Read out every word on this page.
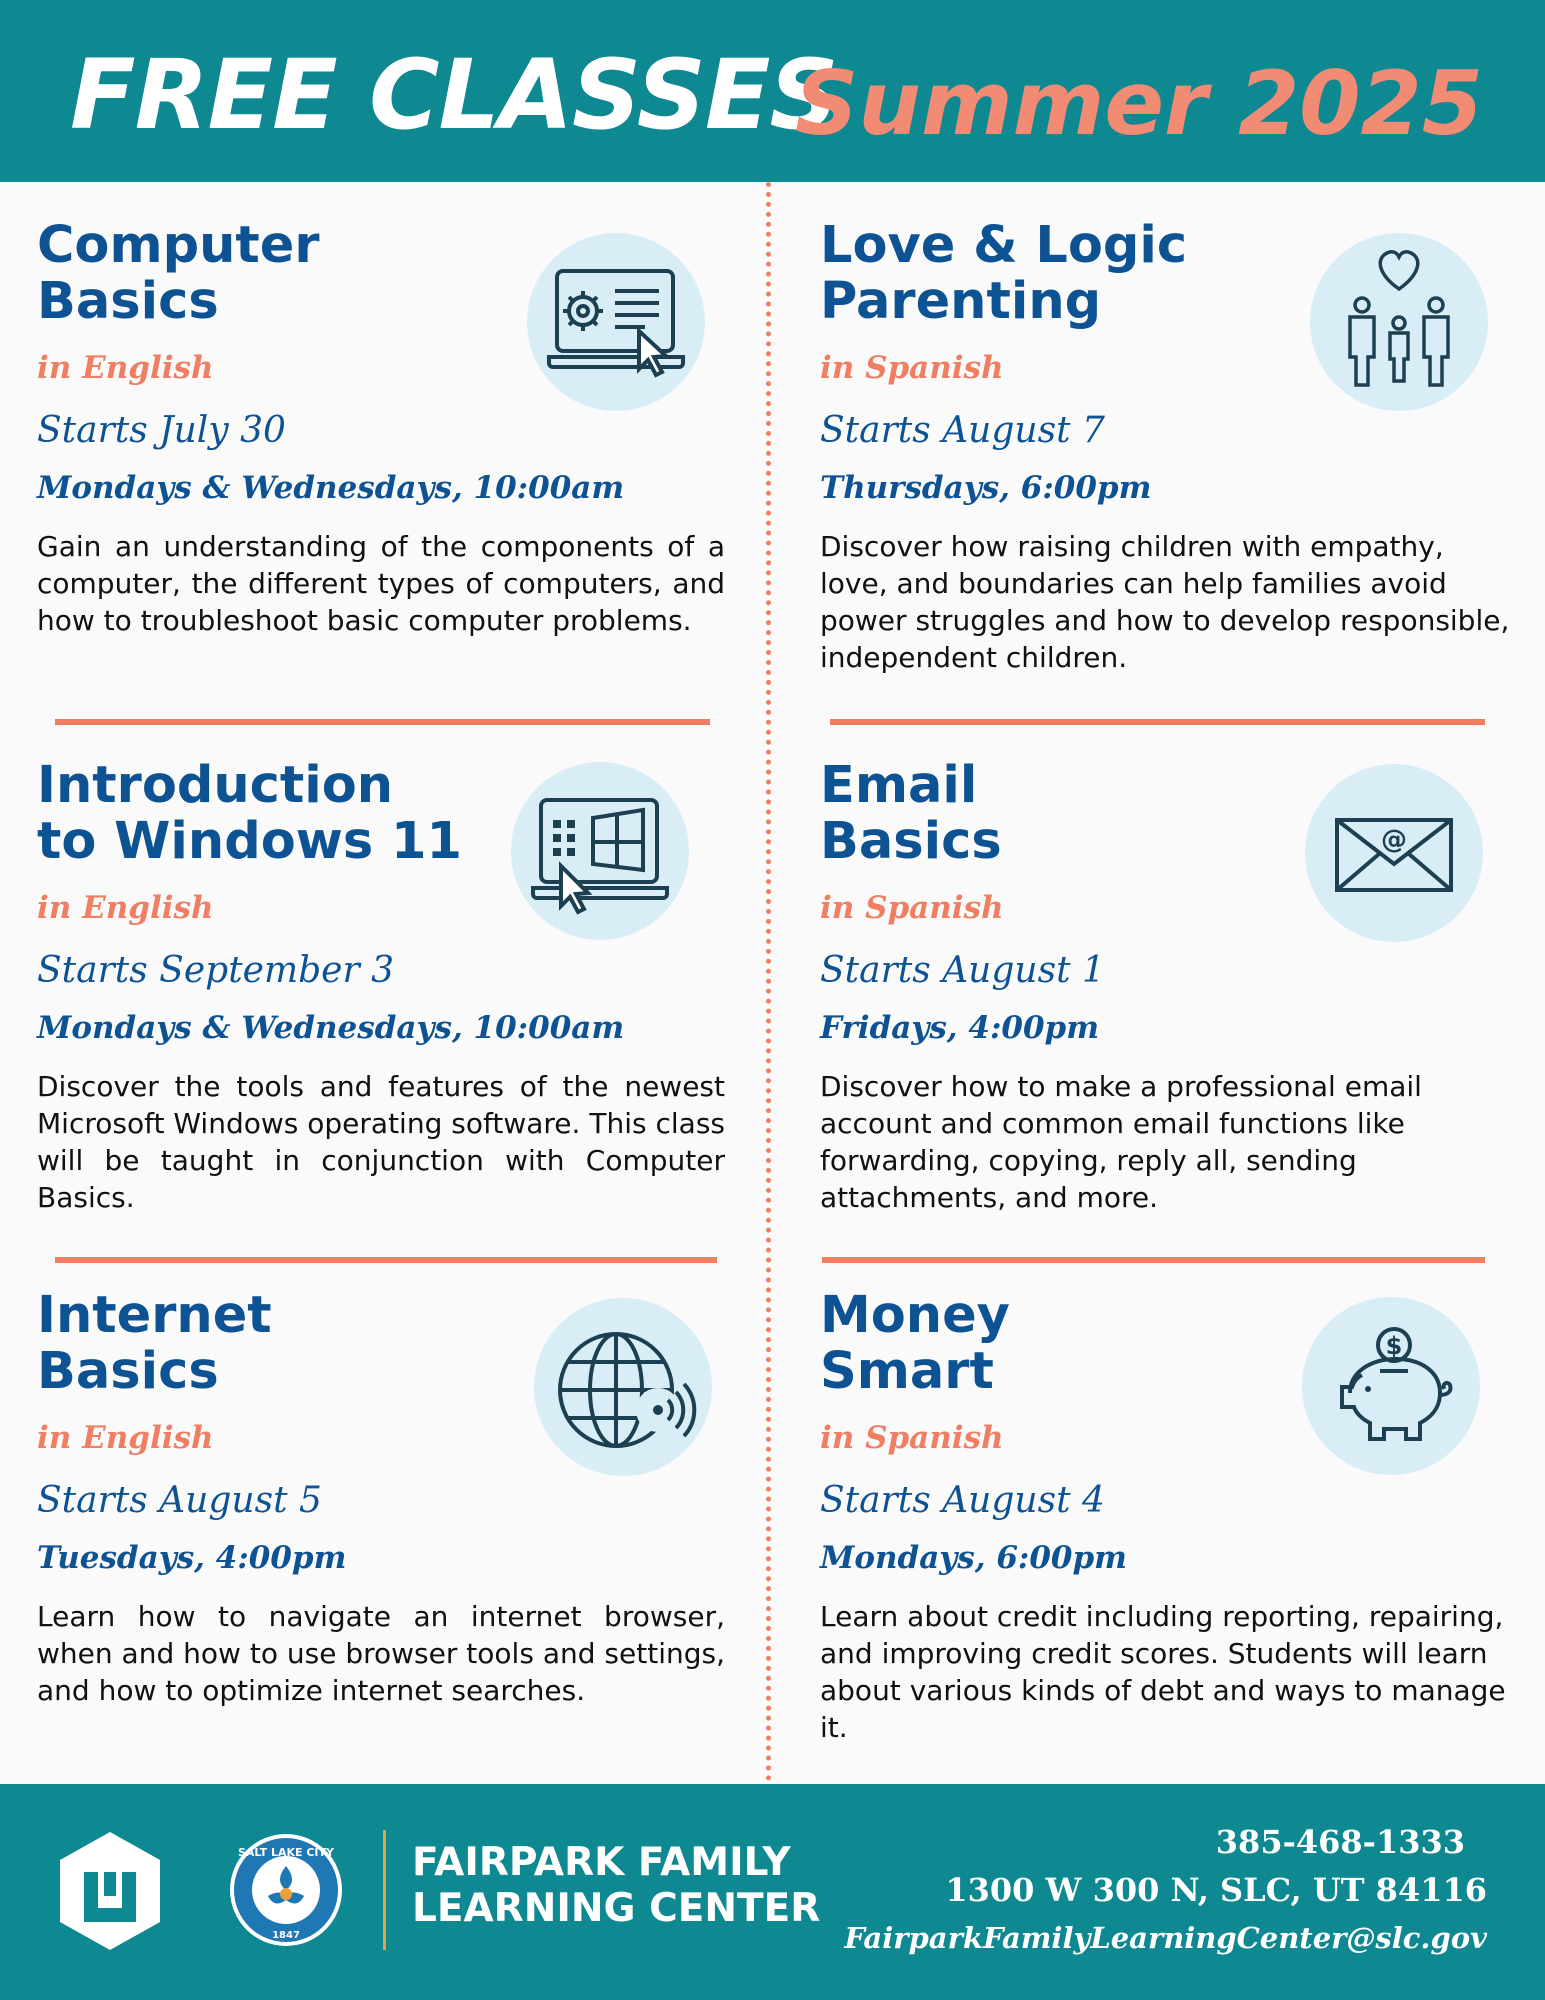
FREE CLASSES
Summer 2025
Computer
Basics
in English
Starts July 30
Mondays & Wednesdays, 10:00am
Gain an understanding of the components of a computer, the different types of computers, and how to troubleshoot basic computer problems.
Love & Logic
Parenting
in Spanish
Starts August 7
Thursdays, 6:00pm
Discover how raising children with empathy, love, and boundaries can help families avoid power struggles and how to develop responsible, independent children.
Introduction
to Windows 11
in English
Starts September 3
Mondays & Wednesdays, 10:00am
Discover the tools and features of the newest Microsoft Windows operating software. This class will be taught in conjunction with Computer Basics.
Email
Basics
in Spanish
Starts August 1
Fridays, 4:00pm
Discover how to make a professional email account and common email functions like forwarding, copying, reply all, sending attachments, and more.
@
Internet
Basics
in English
Starts August 5
Tuesdays, 4:00pm
Learn how to navigate an internet browser, when and how to use browser tools and settings, and how to optimize internet searches.
Money
Smart
in Spanish
Starts August 4
Mondays, 6:00pm
Learn about credit including reporting, repairing, and improving credit scores. Students will learn about various kinds of debt and ways to manage it.
$
SALT LAKE CITY
1847
FAIRPARK FAMILY
LEARNING CENTER
385-468-1333
1300 W 300 N, SLC, UT 84116
FairparkFamilyLearningCenter@slc.gov
